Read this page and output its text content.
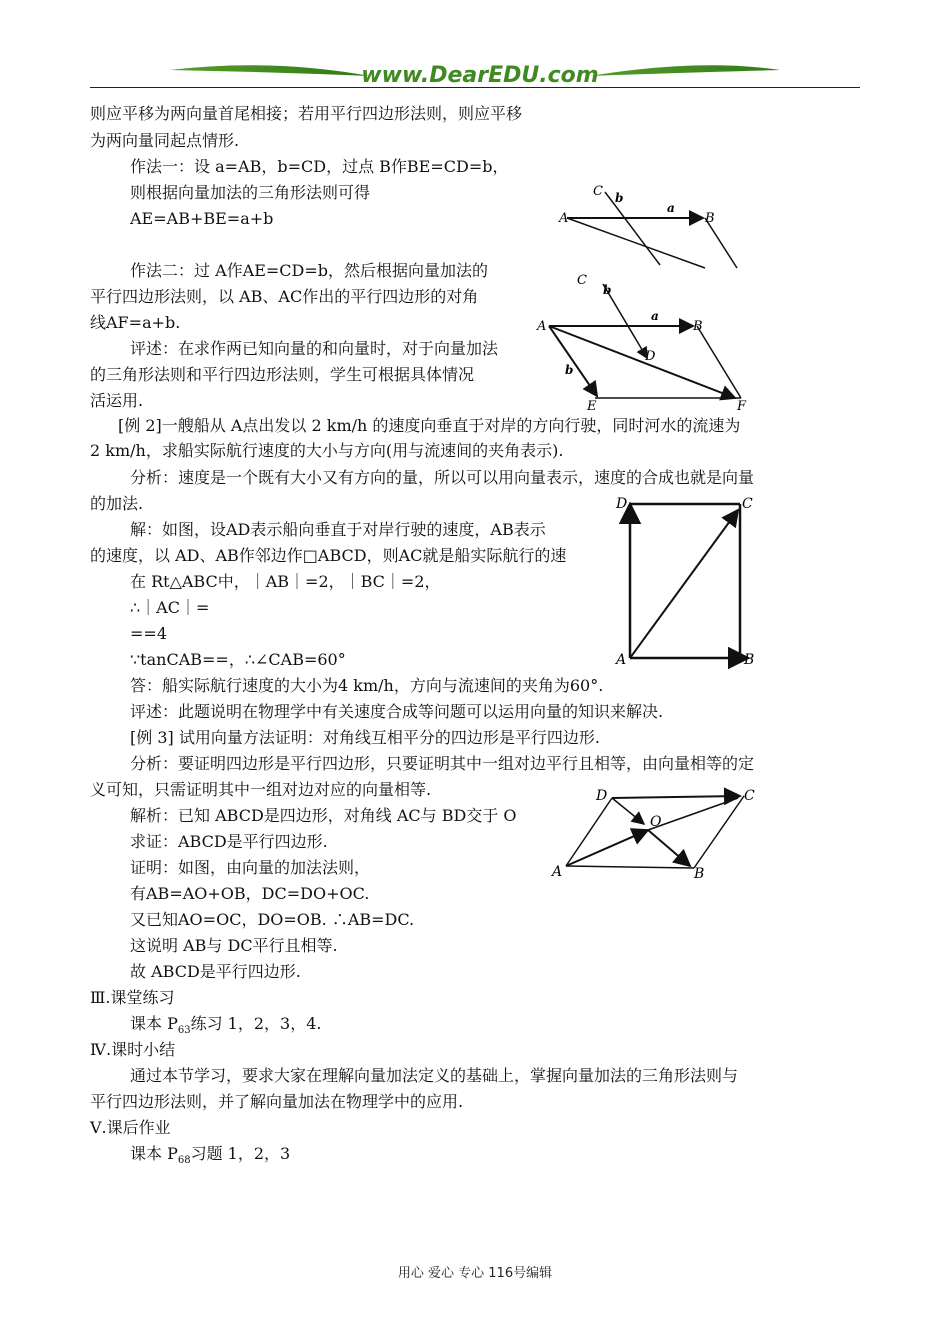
www.DearEDU.com
则应平移为两向量首尾相接；若用平行四边形法则，则应平移
为两向量同起点情形.
作法一：设 a=AB，b=CD，过点 B作BE=CD=b，
则根据向量加法的三角形法则可得
AE=AB+BE=a+b
作法二：过 A作AE=CD=b，然后根据向量加法的
平行四边形法则，以 AB、AC作出的平行四边形的对角
线AF=a+b.
评述：在求作两已知向量的和向量时，对于向量加法
的三角形法则和平行四边形法则，学生可根据具体情况
活运用.
[例 2]一艘船从 A点出发以 2 km/h 的速度向垂直于对岸的方向行驶，同时河水的流速为
2 km/h，求船实际航行速度的大小与方向(用与流速间的夹角表示).
分析：速度是一个既有大小又有方向的量，所以可以用向量表示，速度的合成也就是向量
的加法.
解：如图，设AD表示船向垂直于对岸行驶的速度，AB表示
的速度，以 AD、AB作邻边作□ABCD，则AC就是船实际航行的速
在 Rt△ABC中，｜AB｜=2，｜BC｜=2，
∴｜AC｜=
==4
∵tanCAB==，∴∠CAB=60°
答：船实际航行速度的大小为4 km/h，方向与流速间的夹角为60°.
评述：此题说明在物理学中有关速度合成等问题可以运用向量的知识来解决.
[例 3] 试用向量方法证明：对角线互相平分的四边形是平行四边形.
分析：要证明四边形是平行四边形，只要证明其中一组对边平行且相等，由向量相等的定
义可知，只需证明其中一组对边对应的向量相等.
解析：已知 ABCD是四边形，对角线 AC与 BD交于 O
求证：ABCD是平行四边形.
证明：如图，由向量的加法法则，
有AB=AO+OB，DC=DO+OC.
又已知AO=OC，DO=OB. ∴AB=DC.
这说明 AB与 DC平行且相等.
故 ABCD是平行四边形.
Ⅲ.课堂练习
课本 $P_{63}$练习 1，2，3，4.
Ⅳ.课时小结
通过本节学习，要求大家在理解向量加法定义的基础上，掌握向量加法的三角形法则与
平行四边形法则，并了解向量加法在物理学中的应用.
Ⅴ.课后作业
课本 $P_{68}$习题 1，2，3
A	B
C b
a
A	B
C
D
E	F
a
b
b
A	B
C
D
A	B
C
D
O
用心 爱心 专心 116号编辑
